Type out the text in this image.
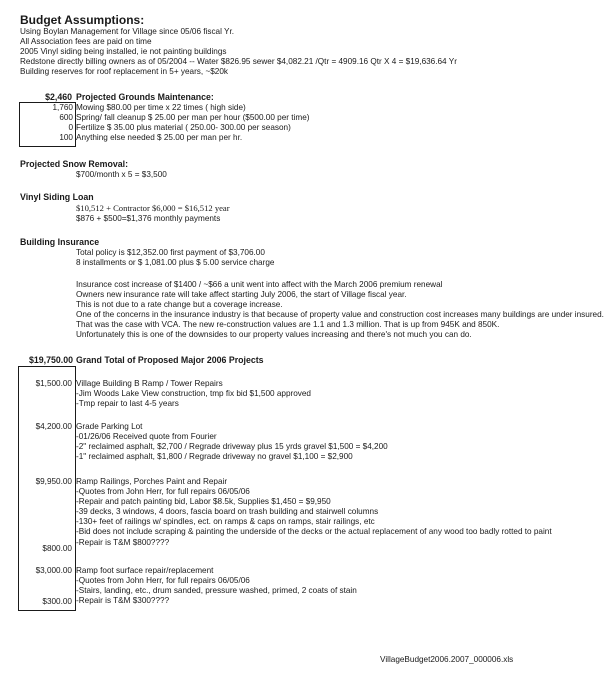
Budget Assumptions:
Using Boylan Management for Village since 05/06 fiscal Yr.
All Association fees are paid on time
2005 Vinyl siding being installed, ie not painting buildings
Redstone directly billing owners as of 05/2004 -- Water $826.95 sewer $4,082.21 /Qtr = 4909.16 Qtr X 4 = $19,636.64 Yr
Building reserves for roof replacement in 5+ years, ~$20k
$2,460 Projected Grounds Maintenance:
1,760
600
0
100
Mowing $80.00 per time x 22 times ( high side)
Spring/ fall cleanup $ 25.00 per man per hour ($500.00 per time)
Fertilize $ 35.00 plus material ( 250.00- 300.00 per season)
Anything else needed $ 25.00 per man per hr.
Projected Snow Removal:
$700/month x 5 = $3,500
Vinyl Siding Loan
$10,512 + Contractor $6,000 = $16,512 year
$876 + $500=$1,376 monthly payments
Building Insurance
Total policy is $12,352.00 first payment of $3,706.00
8 installments or $ 1,081.00 plus $ 5.00 service charge
Insurance cost increase of $1400 / ~$66 a unit went into affect with the March 2006 premium renewal
Owners new insurance rate will take affect starting July 2006, the start of Village fiscal year.
This is not due to a rate change but a coverage increase.
One of the concerns in the insurance industry is that because of property value and construction cost increases many buildings are under insured.
That was the case with VCA. The new re-construction values are 1.1 and 1.3 million. That is up from 945K and 850K.
Unfortunately this is one of the downsides to our property values increasing and there's not much you can do.
$19,750.00 Grand Total of Proposed Major 2006 Projects
$1,500.00 Village Building B Ramp / Tower Repairs
-Jim Woods Lake View construction, tmp fix bid $1,500 approved
-Tmp repair to last 4-5 years
$4,200.00 Grade Parking Lot
-01/26/06 Received quote from Fourier
-2" reclaimed asphalt, $2,700 / Regrade driveway plus 15 yrds gravel $1,500 = $4,200
-1" reclaimed asphalt, $1,800 / Regrade driveway no gravel $1,100 = $2,900
$9,950.00 Ramp Railings, Porches Paint and Repair
-Quotes from John Herr, for full repairs 06/05/06
-Repair and patch painting bid, Labor $8.5k, Supplies $1,450 = $9,950
-39 decks, 3 windows, 4 doors, fascia board on trash building and stairwell columns
-130+ feet of railings w/ spindles, ect. on ramps & caps on ramps, stair railings, etc
-Bid does not include scraping & painting the underside of the decks or the actual replacement of any wood too badly rotted to paint
-Repair is T&M $800????
$800.00
$3,000.00 Ramp foot surface repair/replacement
-Quotes from John Herr, for full repairs 06/05/06
-Stairs, landing, etc., drum sanded, pressure washed, primed, 2 coats of stain
-Repair is T&M $300????
$300.00
VillageBudget2006.2007_000006.xls
